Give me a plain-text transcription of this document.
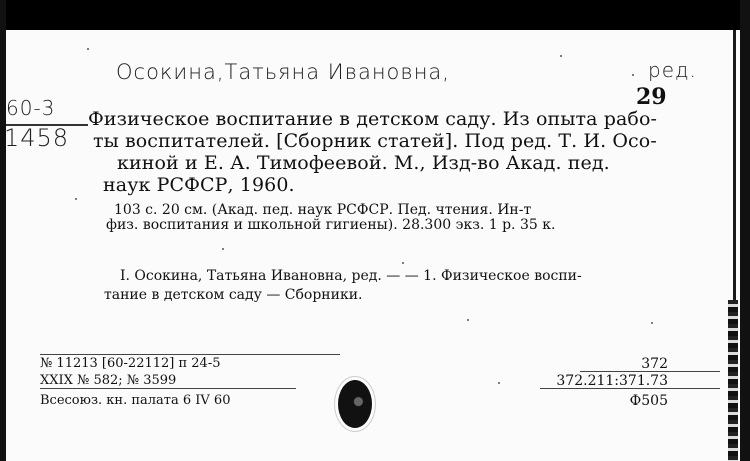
Осокина,Татьяна Ивановна,	ред.
60-3
1458
29
Физическое воспитание в детском саду. Из опыта рабо-
ты воспитателей. [Сборник статей]. Под ред. Т. И. Осо-
киной и Е. А. Тимофеевой. М., Изд-во Акад. пед.
наук РСФСР, 1960.
103 с. 20 см. (Акад. пед. наук РСФСР. Пед. чтения. Ин-т
физ. воспитания и школьной гигиены). 28.300 экз. 1 р. 35 к.
I. Осокина, Татьяна Ивановна, ред. — — 1. Физическое воспи-
тание в детском саду — Сборники.
№ 11213 [60-22112] п 24-5
XXIX № 582; № 3599
Всесоюз. кн. палата 6 IV 60
372
372.211:371.73
Ф505
